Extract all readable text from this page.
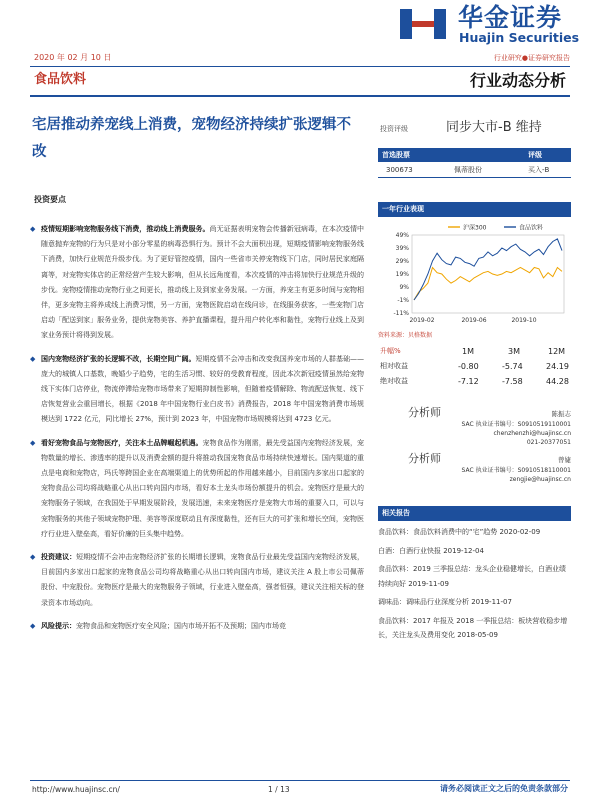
华金证券
Huajin Securities
2020 年 02 月 10 日	行业研究●证券研究报告
食品饮料	行业动态分析
宅居推动养宠线上消费，宠物经济持续扩张逻辑不改
投资要点
◆ 疫情短期影响宠物服务线下消费，推动线上消费服务。尚无证据表明宠物会传播新冠病毒，在本次疫情中随意抛弃宠物的行为只是对小部分零星的病毒恐惧行为。预计不会大面积出现，短期疫情影响宠物服务线下消费，加快行业规范升级步伐。为了更好管控疫情，国内一些省市关停宠物线下门店，同时居民家庭隔离等，对宠物实体店的正常经营产生较大影响，但从长远角度看，本次疫情的冲击将加快行业规范升级的步伐。宠物疫情推动宠物行业之间更长，推动线上及到家业务发展。一方面，养宠主有更多时间与宠物相伴，更多宠物主将养成线上消费习惯，另一方面，宠物医院启动在线问诊，在线服务获客，一些宠物门店启动「配送到家」服务业务，提供宠物美容、养护直播课程，提升用户转化率和黏性，宠物行业线上及到家业务预计将得到发展。
◆ 国内宠物经济扩张的长逻辑不改，长期空间广阔。短期疫情不会冲击和改变我国养宠市场的人群基础——庞大的城镇人口基数，晚婚少子趋势，宅的生活习惯、较好的受教育程度，因此本次新冠疫情虽然给宠物线下实体门店停业，物流停滞给宠物市场带来了短期抑制性影响，但随着疫情解除、物流配送恢复、线下店恢复营业会重回增长，根据《2018 年中国宠物行业白皮书》消费报告，2018 年中国宠物消费市场规模达到 1722 亿元，同比增长 27%，预计到 2023 年，中国宠物市场规模将达到 4723 亿元。
◆ 看好宠物食品与宠物医疗，关注本土品牌崛起机遇。宠物食品作为刚需，最先受益国内宠物经济发展，宠物数量的增长、渗透率的提升以及消费金额的提升将推动我国宠物食品市场持续快速增长。国内渠道的重点是电商和宠物店，玛氏等跨国企业在高端渠道上的优势所起的作用越来越小，目前国内多家出口起家的宠物食品公司均将战略重心从出口转向国内市场，看好本土龙头市场份额提升的机会。宠物医疗是最大的宠物服务子领域，在我国处于早期发展阶段，发展迅速，未来宠物医疗是宠物大市场的重要入口，可以与宠物服务的其他子领域宠物护理、美容等深度联动且有深度黏性，还有巨大的可扩张和增长空间，宠物医疗行业进入壁垒高，看好价廉的巨头集中趋势。
◆ 投资建议：短期疫情不会冲击宠物经济扩张的长期增长逻辑，宠物食品行业最先受益国内宠物经济发展，目前国内多家出口起家的宠物食品公司均将战略重心从出口转向国内市场，建议关注 A 股上市公司佩蒂股份、中宠股份。宠物医疗是最大的宠物服务子领域，行业进入壁垒高，强者恒强，建议关注相关标的登录资本市场动向。
◆ 风险提示：宠物食品和宠物医疗安全风险；国内市场开拓不及预期；国内市场竞
投资评级	同步大市-B 维持
首选股票	评级
300673	佩蒂股份	买入-B
一年行业表现
49%
39%
29%
19%
9%
-1%
-11%
2019-02	2019-06	2019-10
沪深300	食品饮料
资料来源：贝格数据
升幅%	1M	3M	12M
相对收益	-0.80	-5.74	24.19
绝对收益	-7.12	-7.58	44.28
分析师	陈振志
SAC 执业证书编号：S0910519110001
chenzhenzhi@huajinsc.cn
021-20377051
分析师	曾婕
SAC 执业证书编号：S0910518110001
zengjie@huajinsc.cn
相关报告
食品饮料：食品饮料消费中的“宅”趋势 2020-02-09
白酒：白酒行业快报 2019-12-04
食品饮料：2019 三季报总结：龙头企业稳健增长，白酒业绩持续向好 2019-11-09
调味品：调味品行业深度分析 2019-11-07
食品饮料：2017 年报及 2018 一季报总结：板块营收稳步增长，关注龙头及费用变化 2018-05-09
http://www.huajinsc.cn/	1 / 13	请务必阅读正文之后的免责条款部分
